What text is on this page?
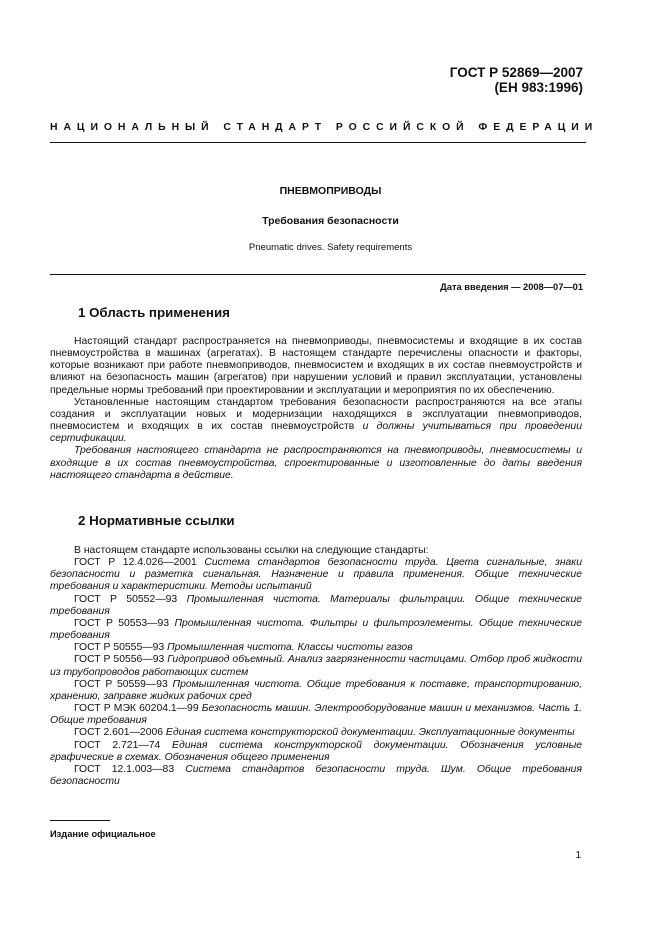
ГОСТ Р 52869—2007
(ЕН 983:1996)
НАЦИОНАЛЬНЫЙ СТАНДАРТ РОССИЙСКОЙ ФЕДЕРАЦИИ
ПНЕВМОПРИВОДЫ
Требования безопасности
Pneumatic drives. Safety requirements
Дата введения — 2008—07—01
1 Область применения

Настоящий стандарт распространяется на пневмоприводы, пневмосистемы и входящие в их состав пневмоустройства в машинах (агрегатах). В настоящем стандарте перечислены опасности и факторы, которые возникают при работе пневмоприводов, пневмосистем и входящих в их состав пневмоустройств и влияют на безопасность машин (агрегатов) при нарушении условий и правил эксплуатации, установлены предельные нормы требований при проектировании и эксплуатации и мероприятия по их обеспечению.

Установленные настоящим стандартом требования безопасности распространяются на все этапы создания и эксплуатации новых и модернизации находящихся в эксплуатации пневмоприводов, пневмосистем и входящих в их состав пневмоустройств и должны учитываться при проведении сертификации.

Требования настоящего стандарта не распространяются на пневмоприводы, пневмосистемы и входящие в их состав пневмоустройства, спроектированные и изготовленные до даты введения настоящего стандарта в действие.

2 Нормативные ссылки

В настоящем стандарте использованы ссылки на следующие стандарты:

ГОСТ Р 12.4.026—2001 Система стандартов безопасности труда. Цвета сигнальные, знаки безопасности и разметка сигнальная. Назначение и правила применения. Общие технические требования и характеристики. Методы испытаний

ГОСТ Р 50552—93 Промышленная чистота. Материалы фильтрации. Общие технические требования

ГОСТ Р 50553—93 Промышленная чистота. Фильтры и фильтроэлементы. Общие технические требования

ГОСТ Р 50555—93 Промышленная чистота. Классы чистоты газов

ГОСТ Р 50556—93 Гидропривод объемный. Анализ загрязненности частицами. Отбор проб жидкости из трубопроводов работающих систем

ГОСТ Р 50559—93 Промышленная чистота. Общие требования к поставке, транспортированию, хранению, заправке жидких рабочих сред

ГОСТ Р МЭК 60204.1—99 Безопасность машин. Электрооборудование машин и механизмов. Часть 1. Общие требования

ГОСТ 2.601—2006 Единая система конструкторской документации. Эксплуатационные документы

ГОСТ 2.721—74 Единая система конструкторской документации. Обозначения условные графические в схемах. Обозначения общего применения

ГОСТ 12.1.003—83 Система стандартов безопасности труда. Шум. Общие требования безопасности

Издание официальное
1
